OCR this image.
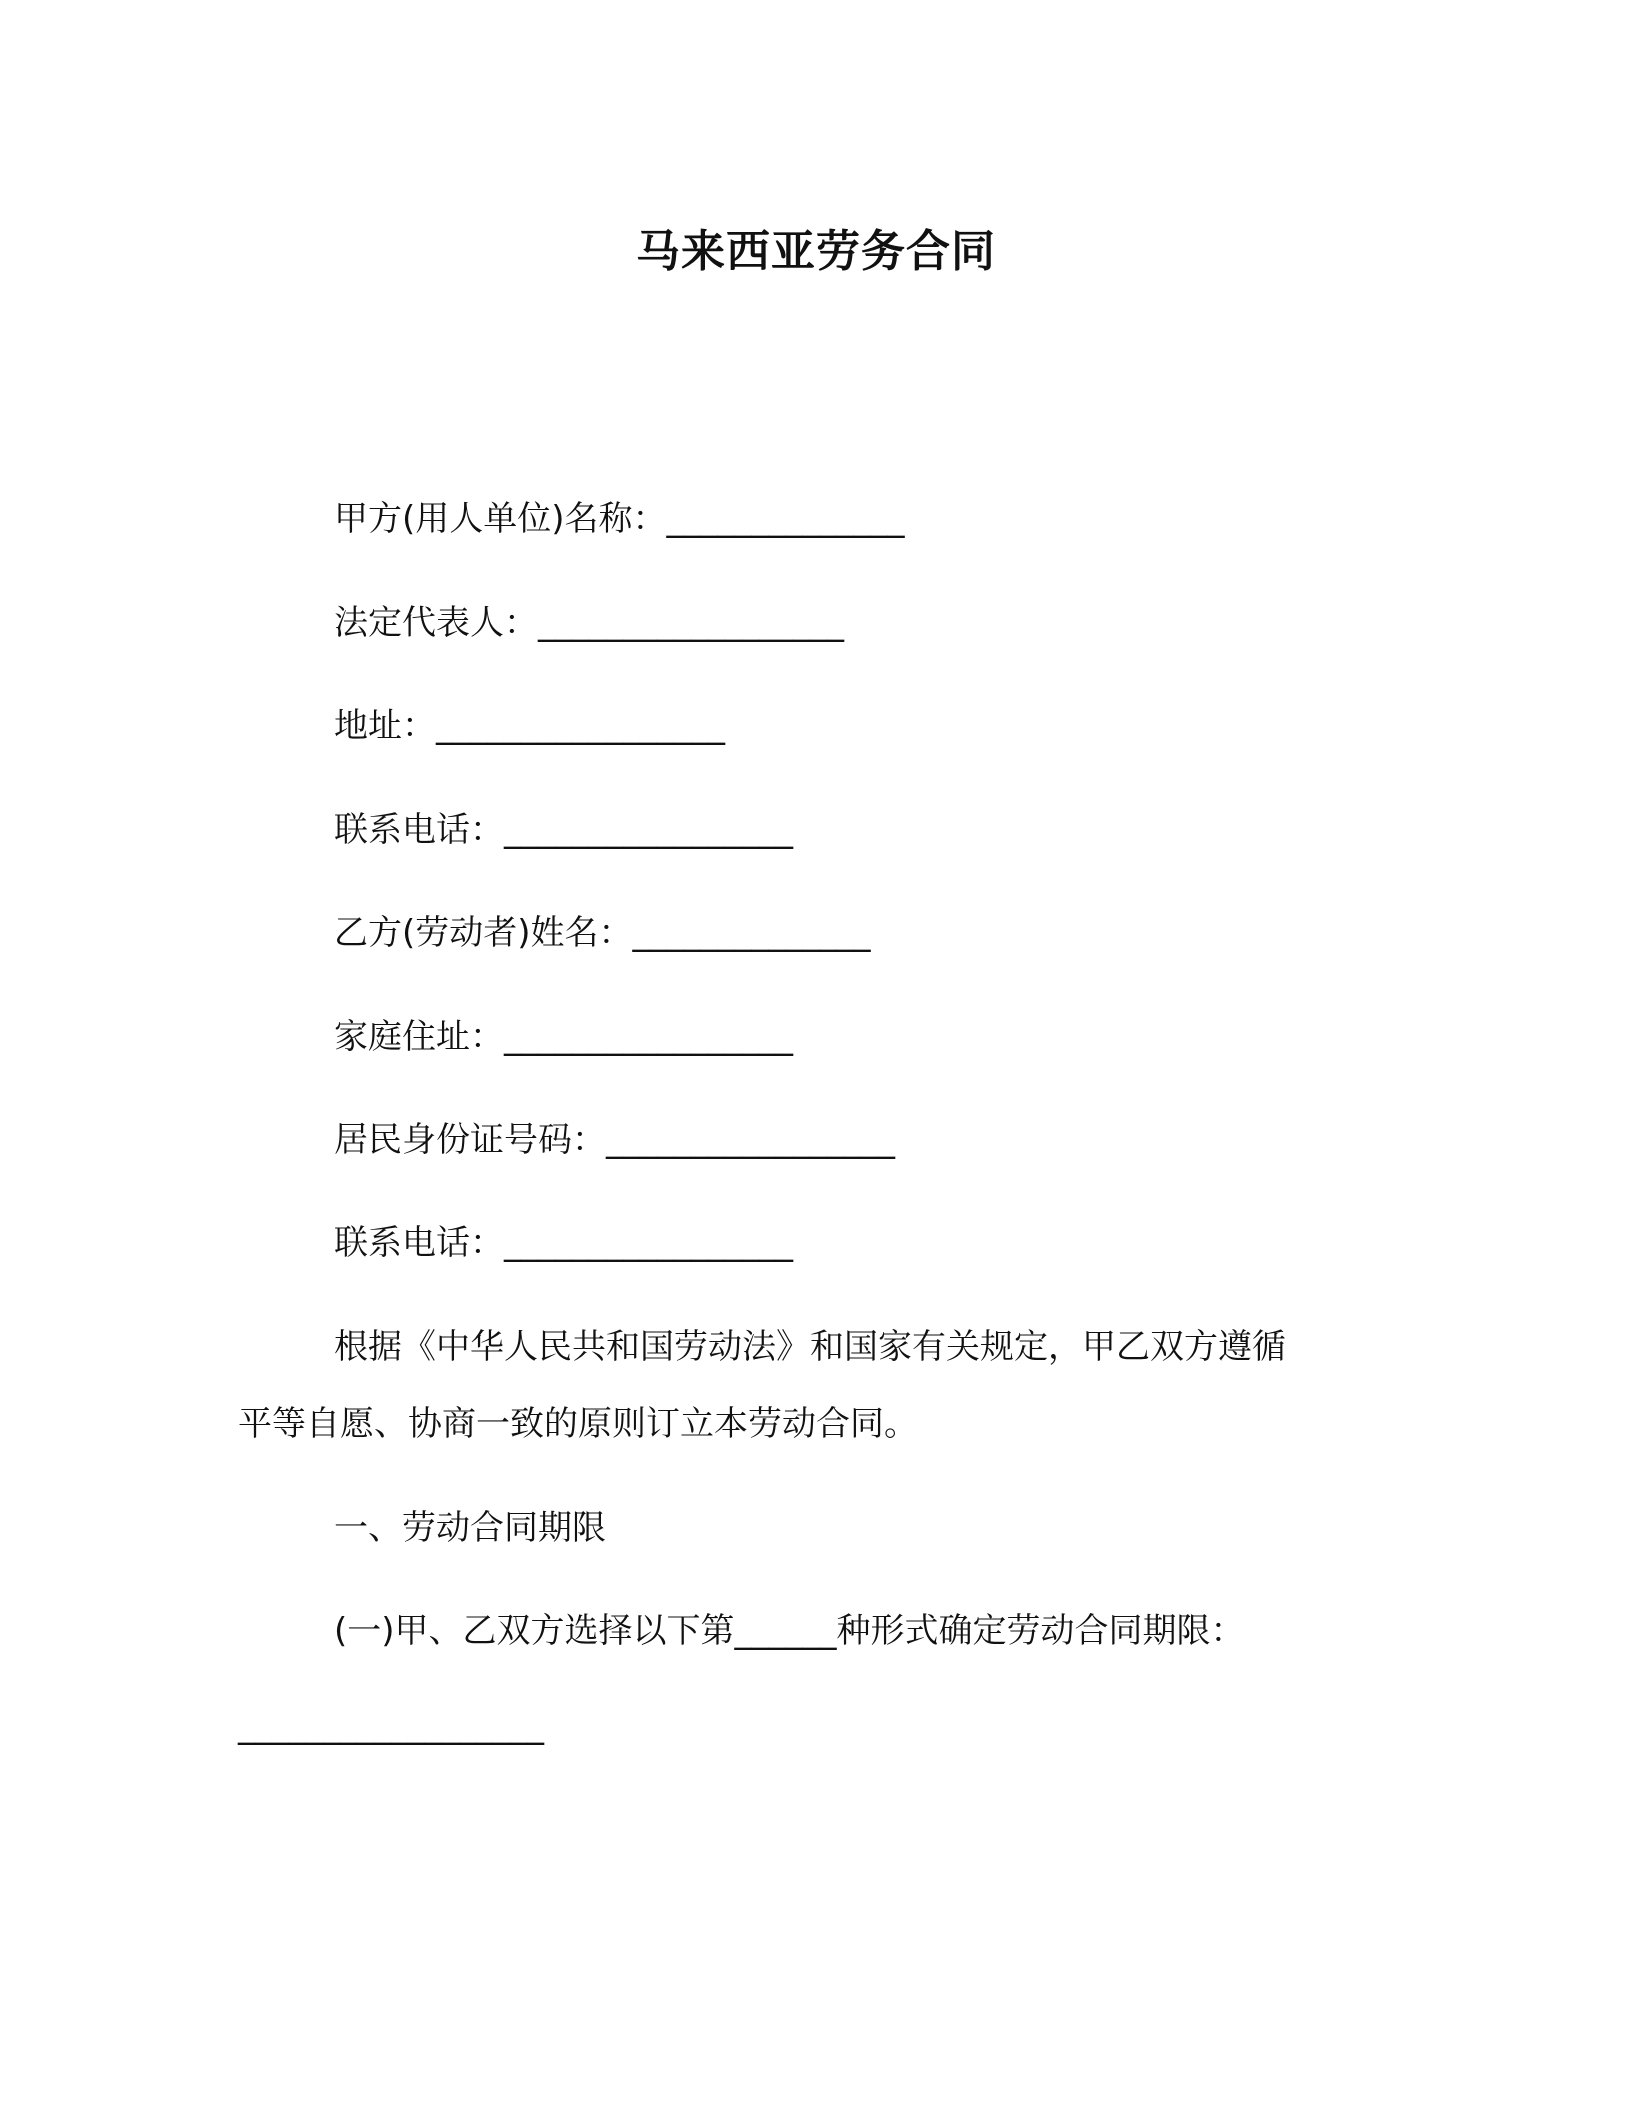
马来西亚劳务合同
甲方(用人单位)名称：______________
法定代表人：__________________
地址：_________________
联系电话：_________________
乙方(劳动者)姓名：______________
家庭住址：_________________
居民身份证号码：_________________
联系电话：_________________
根据《中华人民共和国劳动法》和国家有关规定，甲乙双方遵循
平等自愿、协商一致的原则订立本劳动合同。
一、劳动合同期限
(一)甲、乙双方选择以下第______种形式确定劳动合同期限：
__________________
